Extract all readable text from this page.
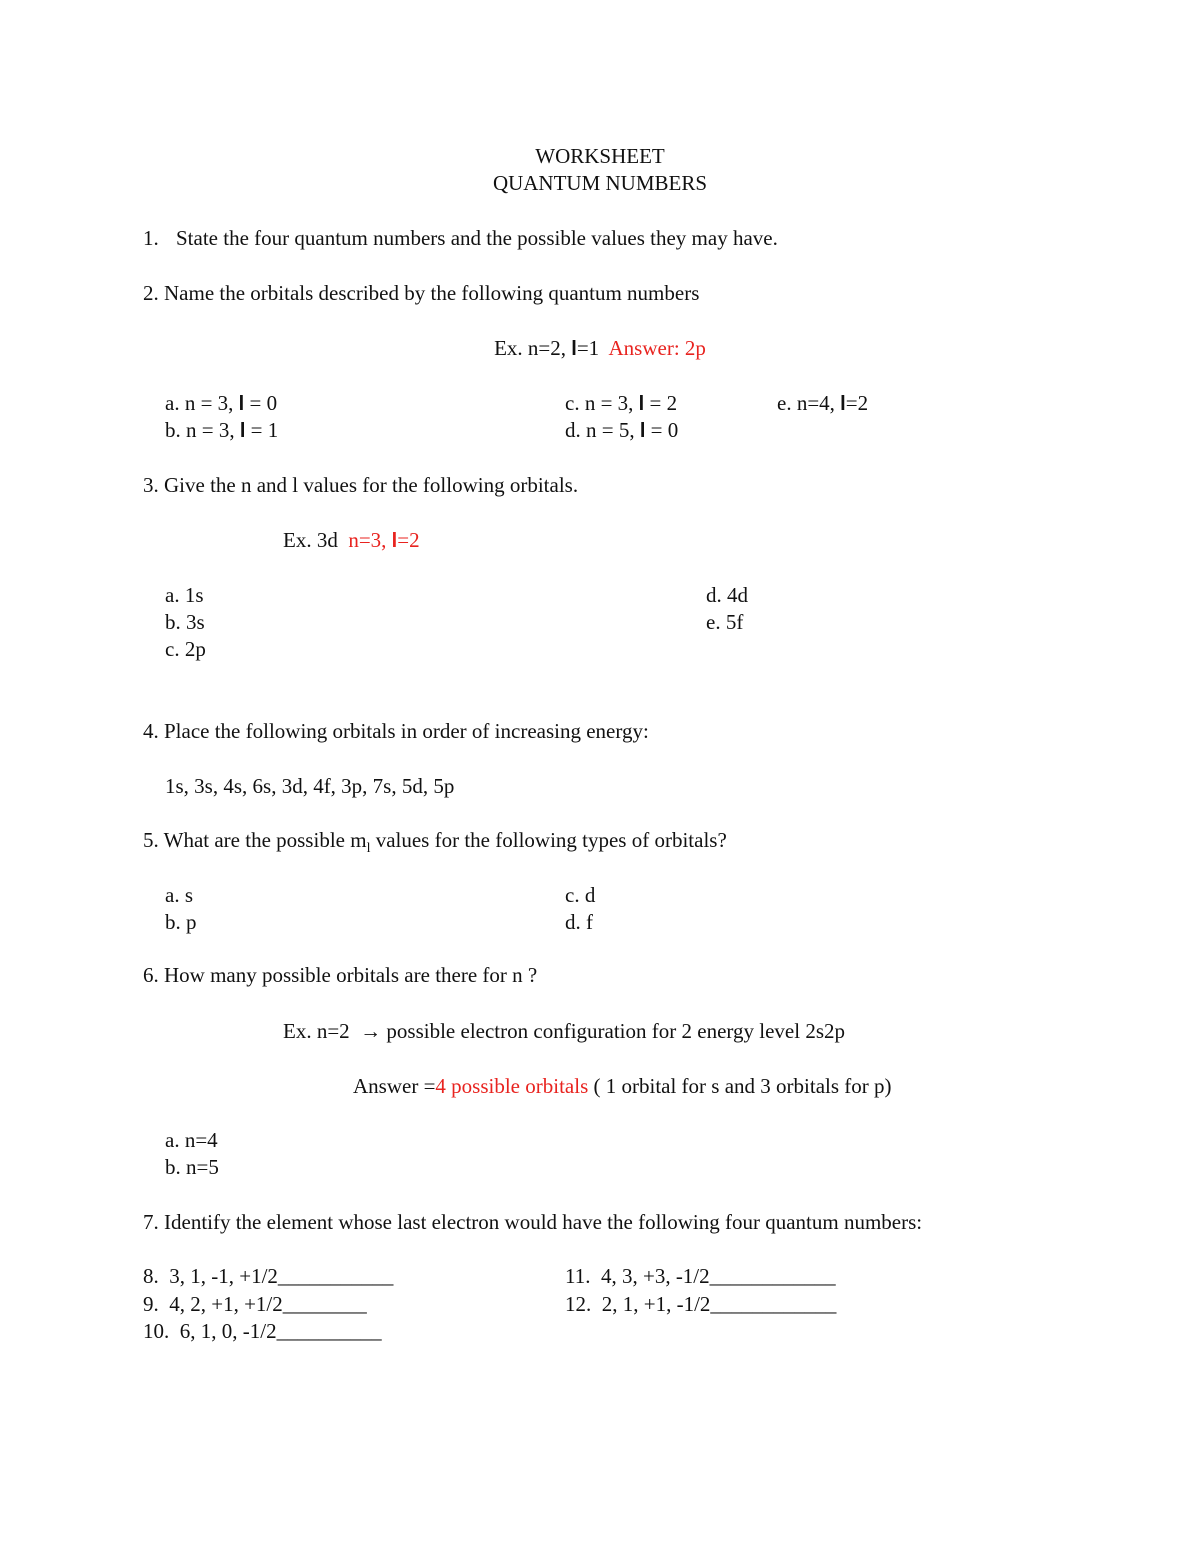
WORKSHEET
QUANTUM NUMBERS
1. State the four quantum numbers and the possible values they may have.
2. Name the orbitals described by the following quantum numbers
Ex. n=2, l=1  Answer: 2p
a. n = 3, l = 0
b. n = 3, l = 1
c. n = 3, l = 2
d. n = 5, l = 0
e. n=4, l=2
3. Give the n and l values for the following orbitals.
Ex. 3d  n=3, l=2
a. 1s
b. 3s
c. 2p
d. 4d
e. 5f
4. Place the following orbitals in order of increasing energy:
1s, 3s, 4s, 6s, 3d, 4f, 3p, 7s, 5d, 5p
5. What are the possible $m_l$ values for the following types of orbitals?
a. s
b. p
c. d
d. f
6. How many possible orbitals are there for n ?
Ex. n=2  → possible electron configuration for 2 energy level 2s2p
Answer =4 possible orbitals ( 1 orbital for s and 3 orbitals for p)
a. n=4
b. n=5
7. Identify the element whose last electron would have the following four quantum numbers:
8.  3, 1, -1, +1/2___________
9.  4, 2, +1, +1/2________
10.  6, 1, 0, -1/2__________
11.  4, 3, +3, -1/2____________
12.  2, 1, +1, -1/2____________
